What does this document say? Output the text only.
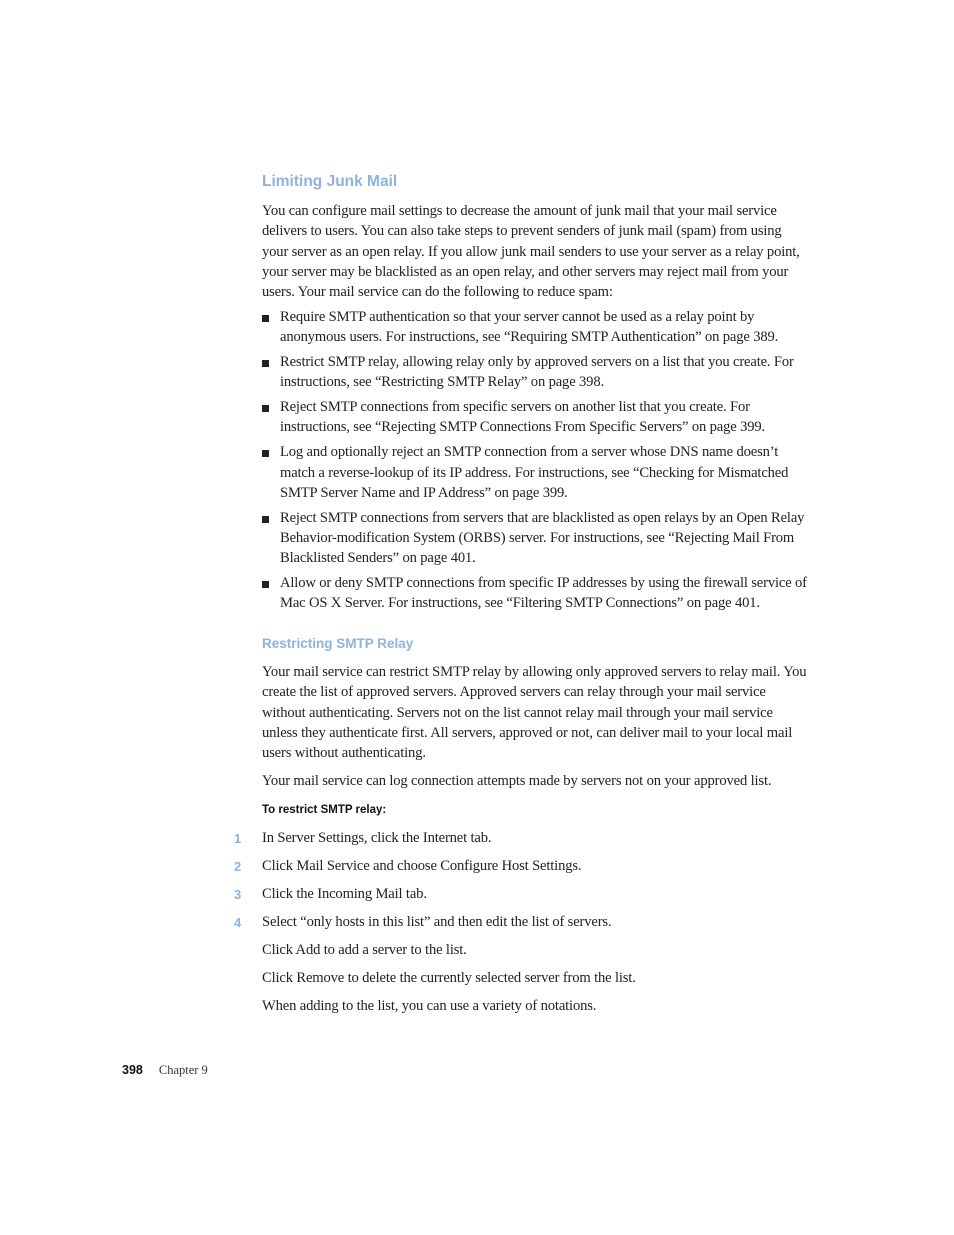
Limiting Junk Mail

You can configure mail settings to decrease the amount of junk mail that your mail service delivers to users. You can also take steps to prevent senders of junk mail (spam) from using your server as an open relay. If you allow junk mail senders to use your server as a relay point, your server may be blacklisted as an open relay, and other servers may reject mail from your users. Your mail service can do the following to reduce spam:

Require SMTP authentication so that your server cannot be used as a relay point by anonymous users. For instructions, see “Requiring SMTP Authentication” on page 389.
Restrict SMTP relay, allowing relay only by approved servers on a list that you create. For instructions, see “Restricting SMTP Relay” on page 398.
Reject SMTP connections from specific servers on another list that you create. For instructions, see “Rejecting SMTP Connections From Specific Servers” on page 399.
Log and optionally reject an SMTP connection from a server whose DNS name doesn’t match a reverse-lookup of its IP address. For instructions, see “Checking for Mismatched SMTP Server Name and IP Address” on page 399.
Reject SMTP connections from servers that are blacklisted as open relays by an Open Relay Behavior-modification System (ORBS) server. For instructions, see “Rejecting Mail From Blacklisted Senders” on page 401.
Allow or deny SMTP connections from specific IP addresses by using the firewall service of Mac OS X Server. For instructions, see “Filtering SMTP Connections” on page 401.
Restricting SMTP Relay

Your mail service can restrict SMTP relay by allowing only approved servers to relay mail. You create the list of approved servers. Approved servers can relay through your mail service without authenticating. Servers not on the list cannot relay mail through your mail service unless they authenticate first. All servers, approved or not, can deliver mail to your local mail users without authenticating.

Your mail service can log connection attempts made by servers not on your approved list.

To restrict SMTP relay:
1	In Server Settings, click the Internet tab.
2	Click Mail Service and choose Configure Host Settings.
3	Click the Incoming Mail tab.
4	Select “only hosts in this list” and then edit the list of servers.

Click Add to add a server to the list.

Click Remove to delete the currently selected server from the list.

When adding to the list, you can use a variety of notations.

398 Chapter 9
